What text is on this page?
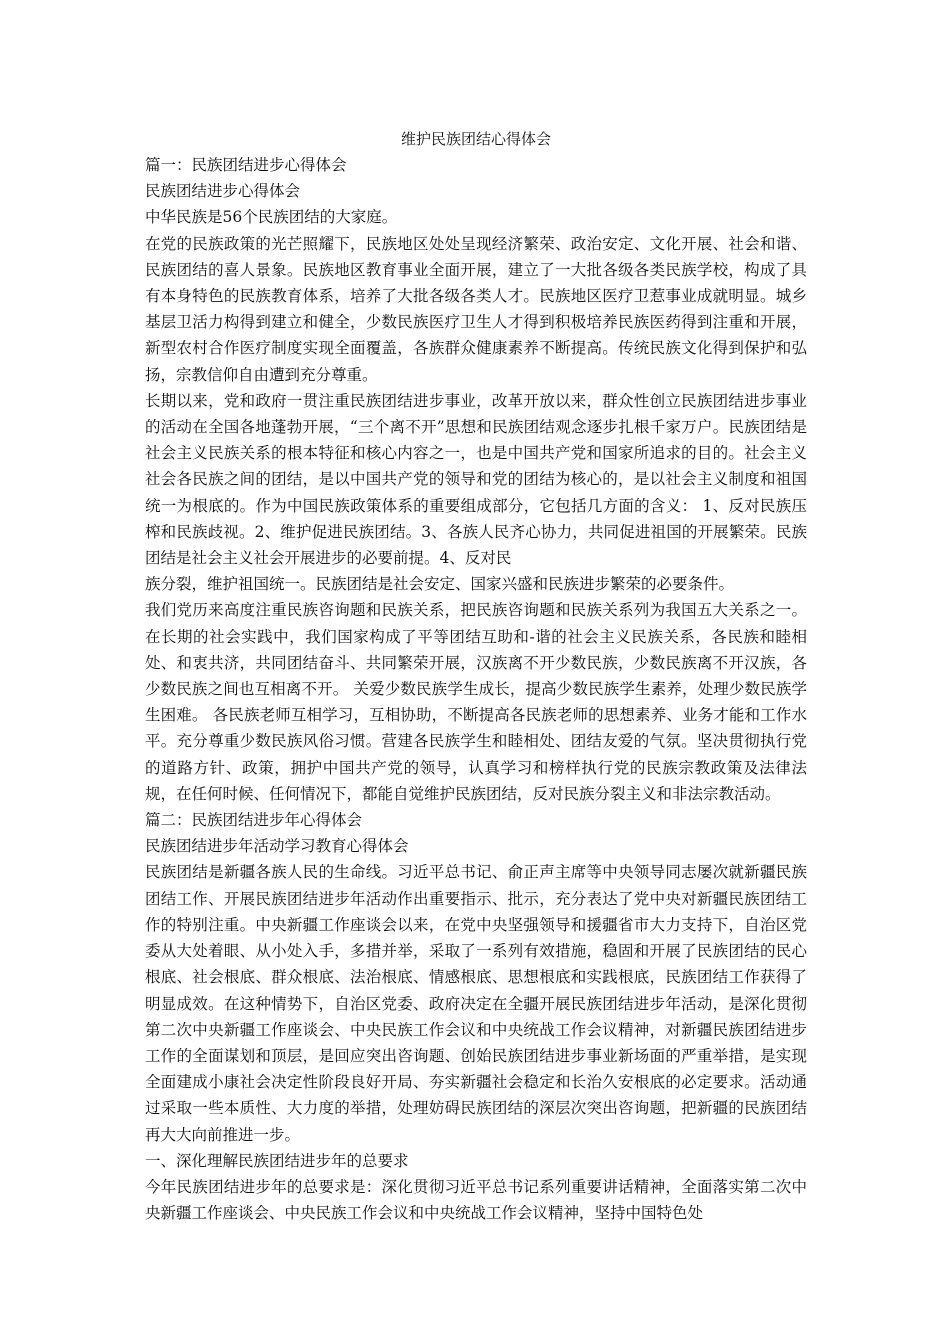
维护民族团结心得体会

篇一：民族团结进步心得体会

民族团结进步心得体会

中华民族是56个民族团结的大家庭。

在党的民族政策的光芒照耀下，民族地区处处呈现经济繁荣、政治安定、文化开展、社会和谐、民族团结的喜人景象。民族地区教育事业全面开展，建立了一大批各级各类民族学校，构成了具有本身特色的民族教育体系，培养了大批各级各类人才。民族地区医疗卫惹事业成就明显。城乡基层卫活力构得到建立和健全，少数民族医疗卫生人才得到积极培养民族医药得到注重和开展，新型农村合作医疗制度实现全面覆盖，各族群众健康素养不断提高。传统民族文化得到保护和弘扬，宗教信仰自由遭到充分尊重。

长期以来，党和政府一贯注重民族团结进步事业，改革开放以来，群众性创立民族团结进步事业的活动在全国各地蓬勃开展，“三个离不开”思想和民族团结观念逐步扎根千家万户。民族团结是社会主义民族关系的根本特征和核心内容之一，也是中国共产党和国家所追求的目的。社会主义社会各民族之间的团结，是以中国共产党的领导和党的团结为核心的，是以社会主义制度和祖国统一为根底的。作为中国民族政策体系的重要组成部分，它包括几方面的含义： 1、反对民族压榨和民族歧视。2、维护促进民族团结。3、各族人民齐心协力，共同促进祖国的开展繁荣。民族团结是社会主义社会开展进步的必要前提。4、反对民

族分裂，维护祖国统一。民族团结是社会安定、国家兴盛和民族进步繁荣的必要条件。

我们党历来高度注重民族咨询题和民族关系，把民族咨询题和民族关系列为我国五大关系之一。在长期的社会实践中，我们国家构成了平等团结互助和-谐的社会主义民族关系，各民族和睦相处、和衷共济，共同团结奋斗、共同繁荣开展，汉族离不开少数民族，少数民族离不开汉族，各少数民族之间也互相离不开。 关爱少数民族学生成长，提高少数民族学生素养，处理少数民族学生困难。 各民族老师互相学习，互相协助，不断提高各民族老师的思想素养、业务才能和工作水平。充分尊重少数民族风俗习惯。营建各民族学生和睦相处、团结友爱的气氛。坚决贯彻执行党的道路方针、政策，拥护中国共产党的领导，认真学习和榜样执行党的民族宗教政策及法律法规，在任何时候、任何情况下，都能自觉维护民族团结，反对民族分裂主义和非法宗教活动。

篇二：民族团结进步年心得体会

民族团结进步年活动学习教育心得体会

民族团结是新疆各族人民的生命线。习近平总书记、俞正声主席等中央领导同志屡次就新疆民族团结工作、开展民族团结进步年活动作出重要指示、批示，充分表达了党中央对新疆民族团结工作的特别注重。中央新疆工作座谈会以来，在党中央坚强领导和援疆省市大力支持下，自治区党委从大处着眼、从小处入手，多措并举，采取了一系列有效措施，稳固和开展了民族团结的民心根底、社会根底、群众根底、法治根底、情感根底、思想根底和实践根底，民族团结工作获得了明显成效。在这种情势下，自治区党委、政府决定在全疆开展民族团结进步年活动，是深化贯彻第二次中央新疆工作座谈会、中央民族工作会议和中央统战工作会议精神，对新疆民族团结进步工作的全面谋划和顶层，是回应突出咨询题、创始民族团结进步事业新场面的严重举措，是实现全面建成小康社会决定性阶段良好开局、夯实新疆社会稳定和长治久安根底的必定要求。活动通过采取一些本质性、大力度的举措，处理妨碍民族团结的深层次突出咨询题，把新疆的民族团结再大大向前推进一步。

一、深化理解民族团结进步年的总要求

今年民族团结进步年的总要求是：深化贯彻习近平总书记系列重要讲话精神，全面落实第二次中央新疆工作座谈会、中央民族工作会议和中央统战工作会议精神，坚持中国特色处
